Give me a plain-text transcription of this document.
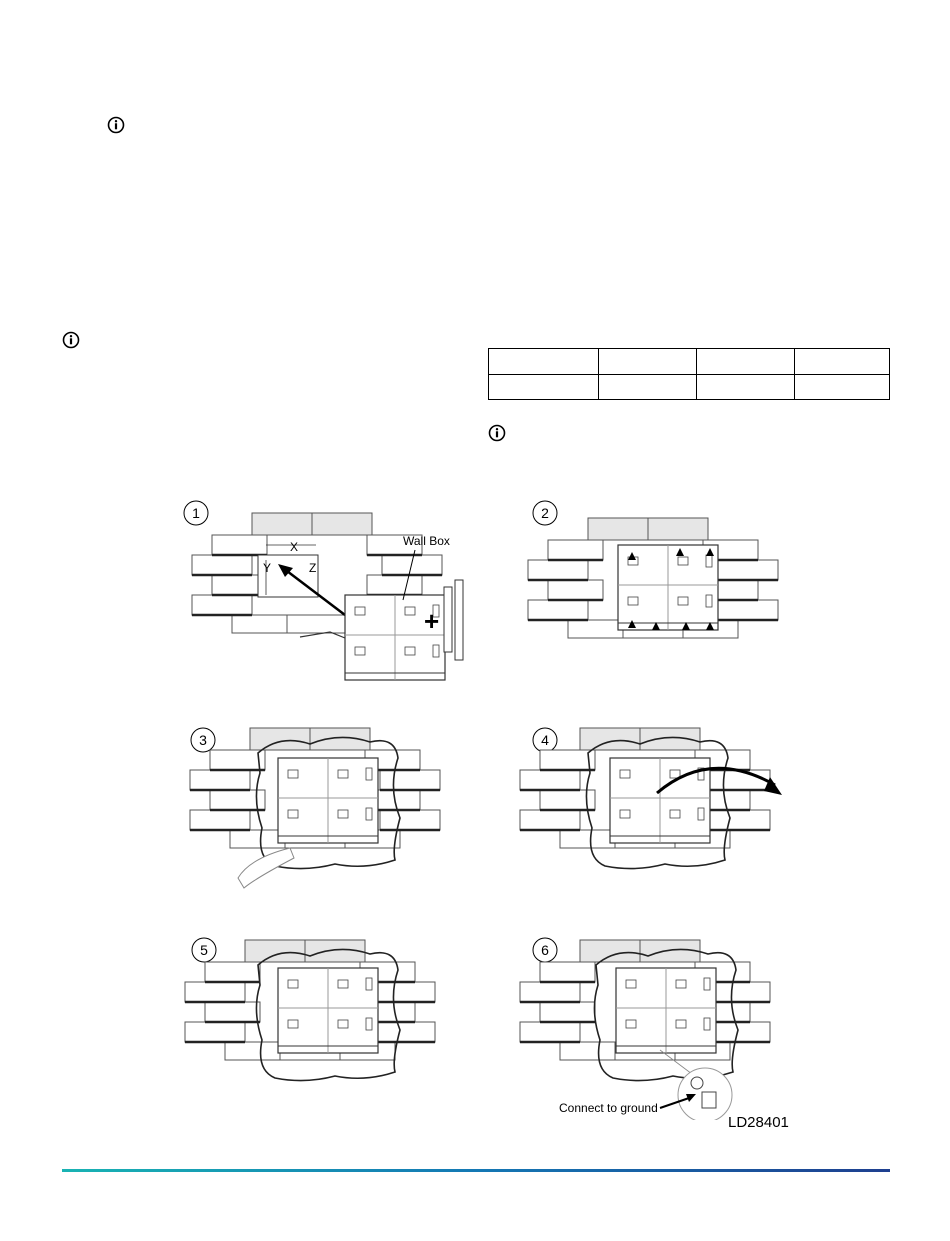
1
X
Y	Z
Wall Box
+
2
3	4
5	6
Connect to ground
LD28401
